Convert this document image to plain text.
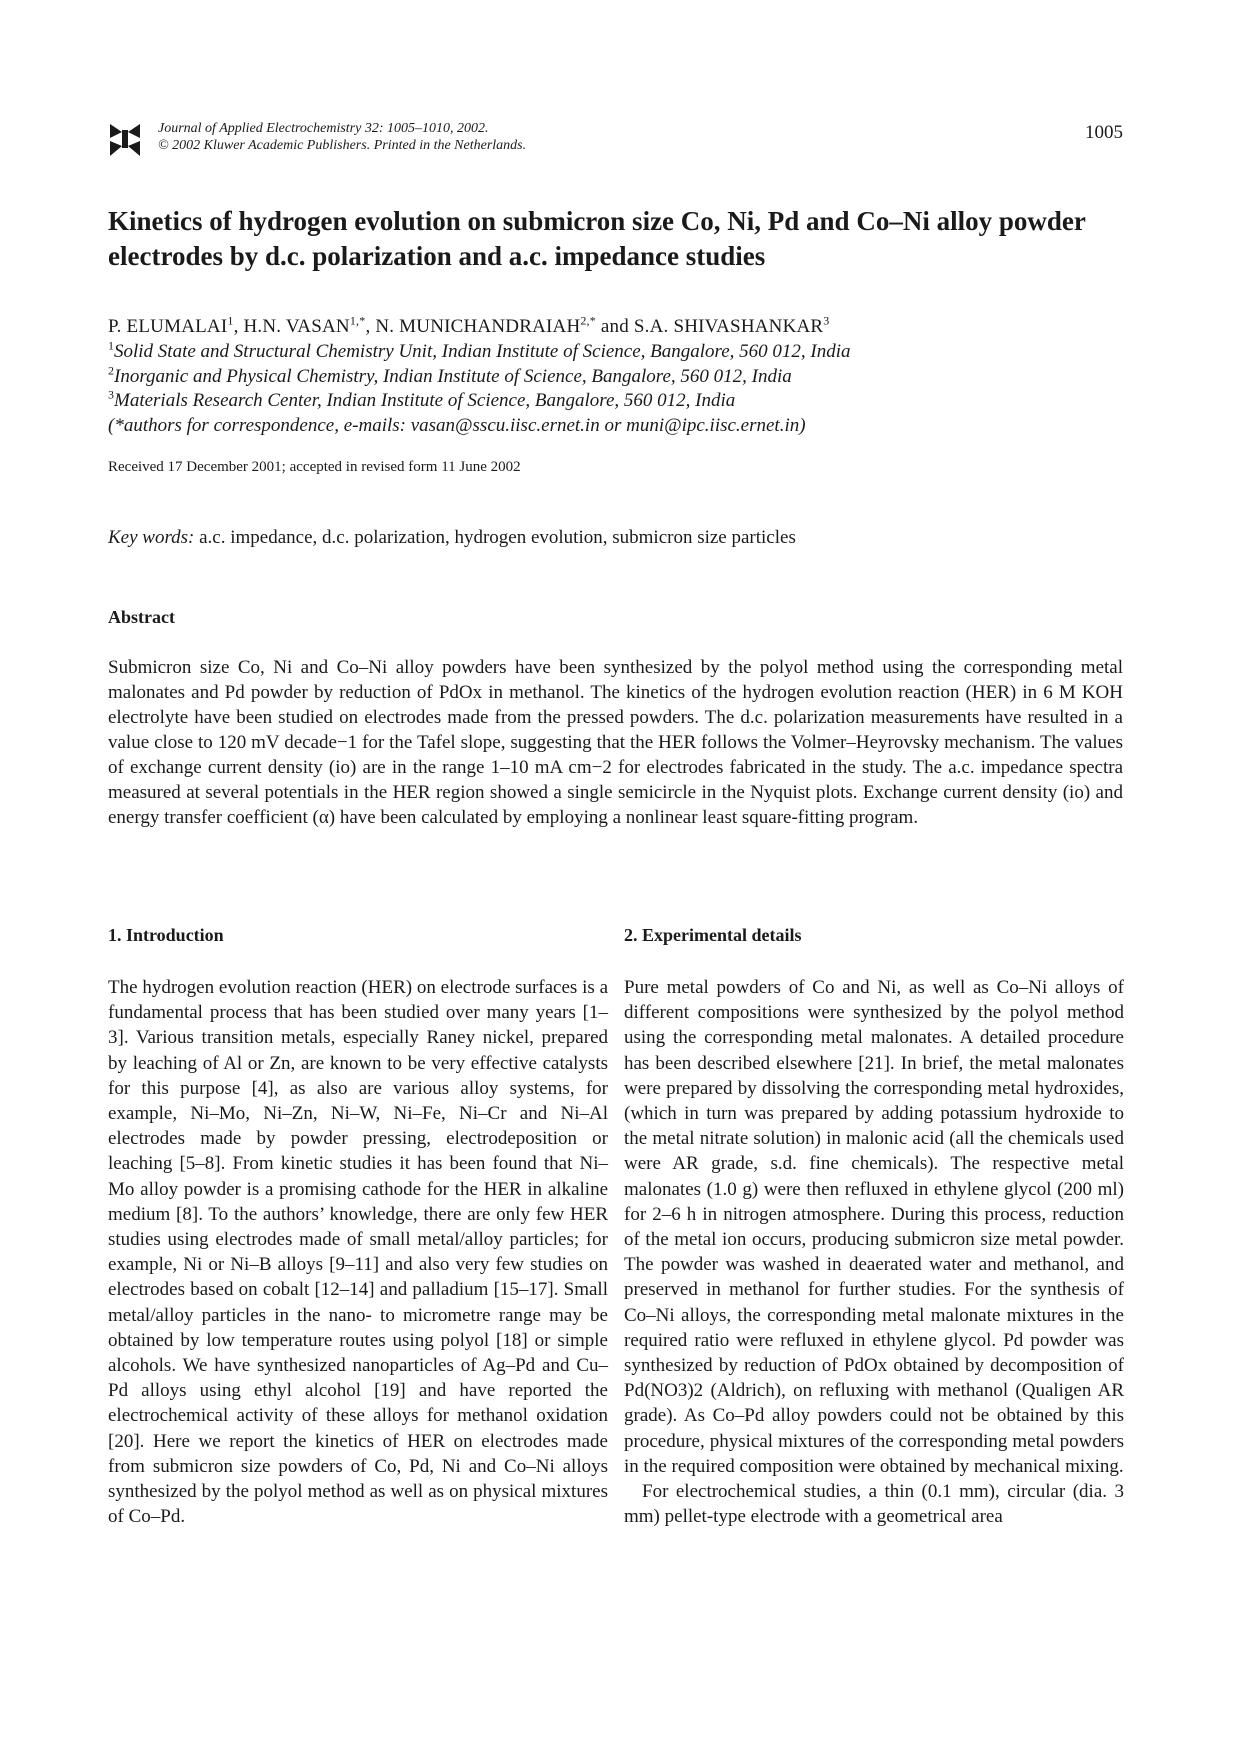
Journal of Applied Electrochemistry 32: 1005–1010, 2002.
© 2002 Kluwer Academic Publishers. Printed in the Netherlands.
1005
Kinetics of hydrogen evolution on submicron size Co, Ni, Pd and Co–Ni alloy powder electrodes by d.c. polarization and a.c. impedance studies
P. ELUMALAI$^1$, H.N. $VASAN^{1,*}$, N. $MUNICHANDRAIAH^{2,*}$ and S.A. SHIVASHANKAR$^3$
$^1$Solid State and Structural Chemistry Unit, Indian Institute of Science, Bangalore, 560 012, India
$^2$Inorganic and Physical Chemistry, Indian Institute of Science, Bangalore, 560 012, India
$^3$Materials Research Center, Indian Institute of Science, Bangalore, 560 012, India
(*authors for correspondence, e-mails: vasan@sscu.iisc.ernet.in or muni@ipc.iisc.ernet.in)
Received 17 December 2001; accepted in revised form 11 June 2002
Key words: a.c. impedance, d.c. polarization, hydrogen evolution, submicron size particles
Abstract
Submicron size Co, Ni and Co–Ni alloy powders have been synthesized by the polyol method using the corresponding metal malonates and Pd powder by reduction of PdOx in methanol. The kinetics of the hydrogen evolution reaction (HER) in 6 M KOH electrolyte have been studied on electrodes made from the pressed powders. The d.c. polarization measurements have resulted in a value close to 120 mV decade−1 for the Tafel slope, suggesting that the HER follows the Volmer–Heyrovsky mechanism. The values of exchange current density (io) are in the range 1–10 mA cm−2 for electrodes fabricated in the study. The a.c. impedance spectra measured at several potentials in the HER region showed a single semicircle in the Nyquist plots. Exchange current density (io) and energy transfer coefficient (α) have been calculated by employing a nonlinear least square-fitting program.
1. Introduction

The hydrogen evolution reaction (HER) on electrode surfaces is a fundamental process that has been studied over many years [1–3]. Various transition metals, especially Raney nickel, prepared by leaching of Al or Zn, are known to be very effective catalysts for this purpose [4], as also are various alloy systems, for example, Ni–Mo, Ni–Zn, Ni–W, Ni–Fe, Ni–Cr and Ni–Al electrodes made by powder pressing, electrodeposition or leaching [5–8]. From kinetic studies it has been found that Ni–Mo alloy powder is a promising cathode for the HER in alkaline medium [8]. To the authors’ knowledge, there are only few HER studies using electrodes made of small metal/alloy particles; for example, Ni or Ni–B alloys [9–11] and also very few studies on electrodes based on cobalt [12–14] and palladium [15–17]. Small metal/alloy particles in the nano- to micrometre range may be obtained by low temperature routes using polyol [18] or simple alcohols. We have synthesized nanoparticles of Ag–Pd and Cu–Pd alloys using ethyl alcohol [19] and have reported the electrochemical activity of these alloys for methanol oxidation [20]. Here we report the kinetics of HER on electrodes made from submicron size powders of Co, Pd, Ni and Co–Ni alloys synthesized by the polyol method as well as on physical mixtures of Co–Pd.

2. Experimental details

Pure metal powders of Co and Ni, as well as Co–Ni alloys of different compositions were synthesized by the polyol method using the corresponding metal malonates. A detailed procedure has been described elsewhere [21]. In brief, the metal malonates were prepared by dissolving the corresponding metal hydroxides, (which in turn was prepared by adding potassium hydroxide to the metal nitrate solution) in malonic acid (all the chemicals used were AR grade, s.d. fine chemicals). The respective metal malonates (1.0 g) were then refluxed in ethylene glycol (200 ml) for 2–6 h in nitrogen atmosphere. During this process, reduction of the metal ion occurs, producing submicron size metal powder. The powder was washed in deaerated water and methanol, and preserved in methanol for further studies. For the synthesis of Co–Ni alloys, the corresponding metal malonate mixtures in the required ratio were refluxed in ethylene glycol. Pd powder was synthesized by reduction of PdOx obtained by decomposition of Pd(NO3)2 (Aldrich), on refluxing with methanol (Qualigen AR grade). As Co–Pd alloy powders could not be obtained by this procedure, physical mixtures of the corresponding metal powders in the required composition were obtained by mechanical mixing.

For electrochemical studies, a thin (0.1 mm), circular (dia. 3 mm) pellet-type electrode with a geometrical area
